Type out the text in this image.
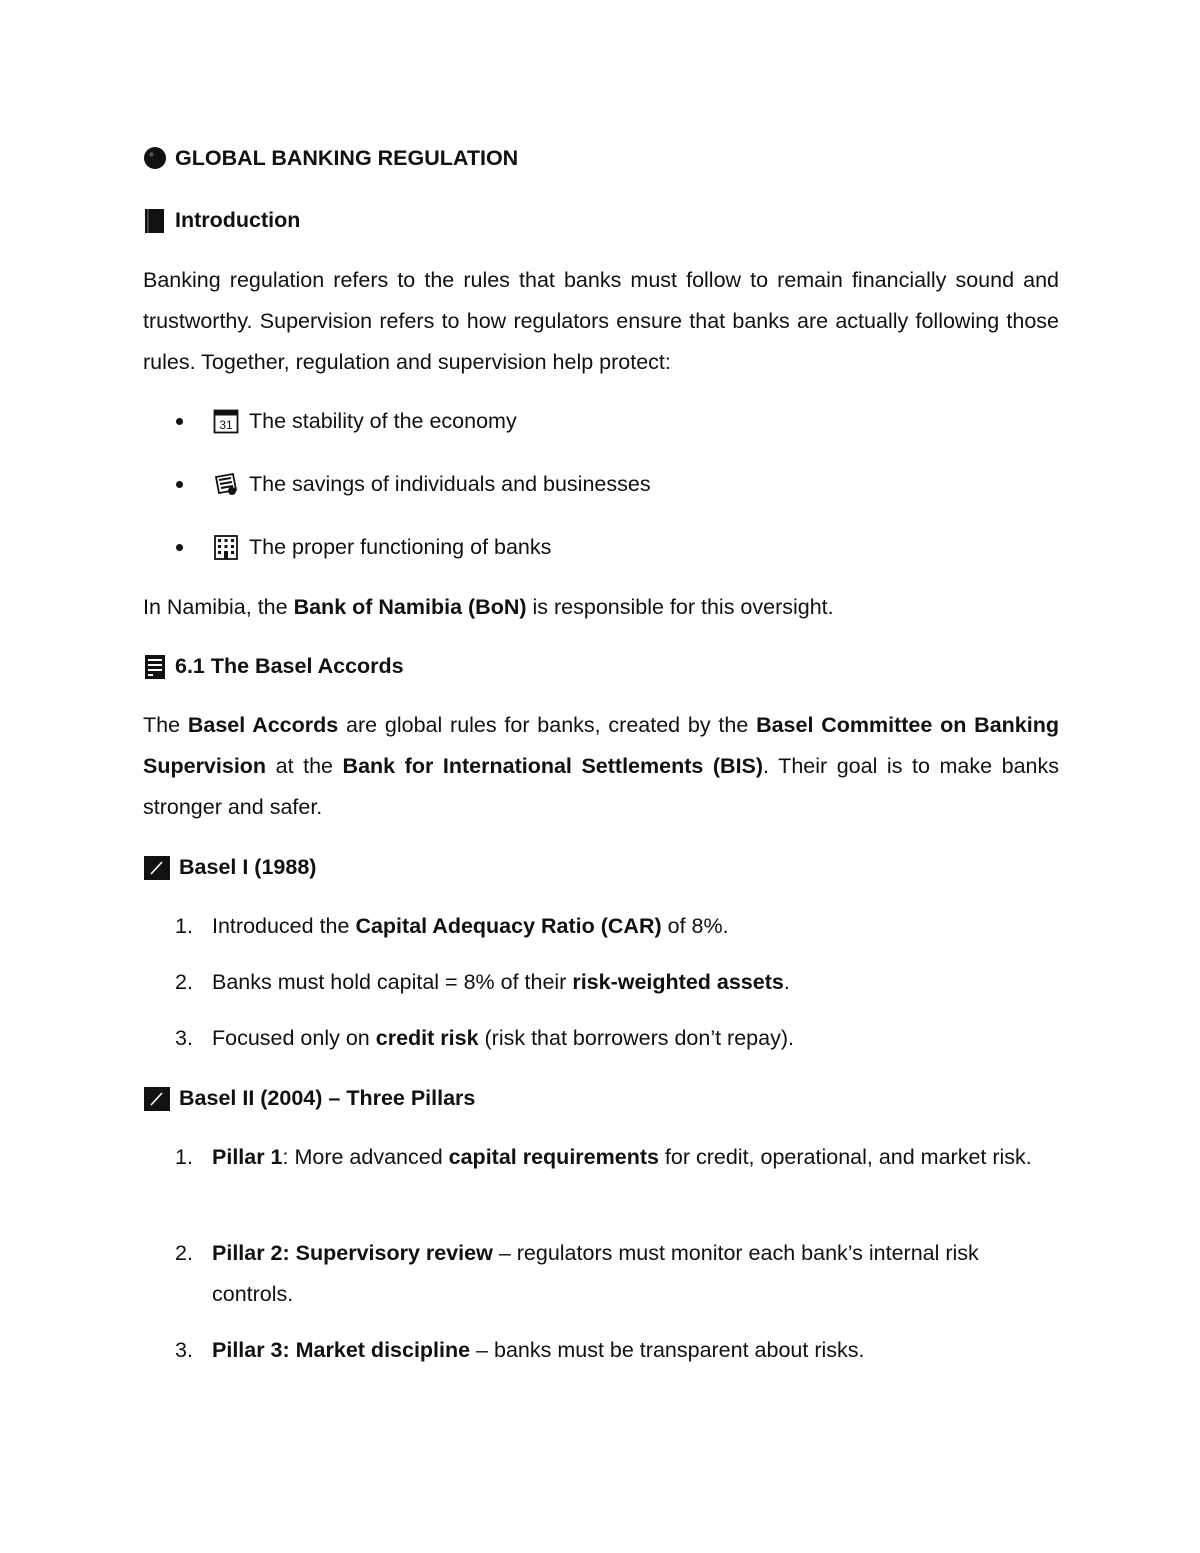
GLOBAL BANKING REGULATION
Introduction
Banking regulation refers to the rules that banks must follow to remain financially sound and trustworthy. Supervision refers to how regulators ensure that banks are actually following those rules. Together, regulation and supervision help protect:
31 The stability of the economy
The savings of individuals and businesses
The proper functioning of banks
In Namibia, the Bank of Namibia (BoN) is responsible for this oversight.
6.1 The Basel Accords
The Basel Accords are global rules for banks, created by the Basel Committee on Banking Supervision at the Bank for International Settlements (BIS). Their goal is to make banks stronger and safer.
Basel I (1988)
1. Introduced the Capital Adequacy Ratio (CAR) of 8%.
2. Banks must hold capital = 8% of their risk-weighted assets.
3. Focused only on credit risk (risk that borrowers don’t repay).
Basel II (2004) – Three Pillars
1. Pillar 1: More advanced capital requirements for credit, operational, and market risk.
2. Pillar 2: Supervisory review – regulators must monitor each bank’s internal risk controls.
3. Pillar 3: Market discipline – banks must be transparent about risks.
